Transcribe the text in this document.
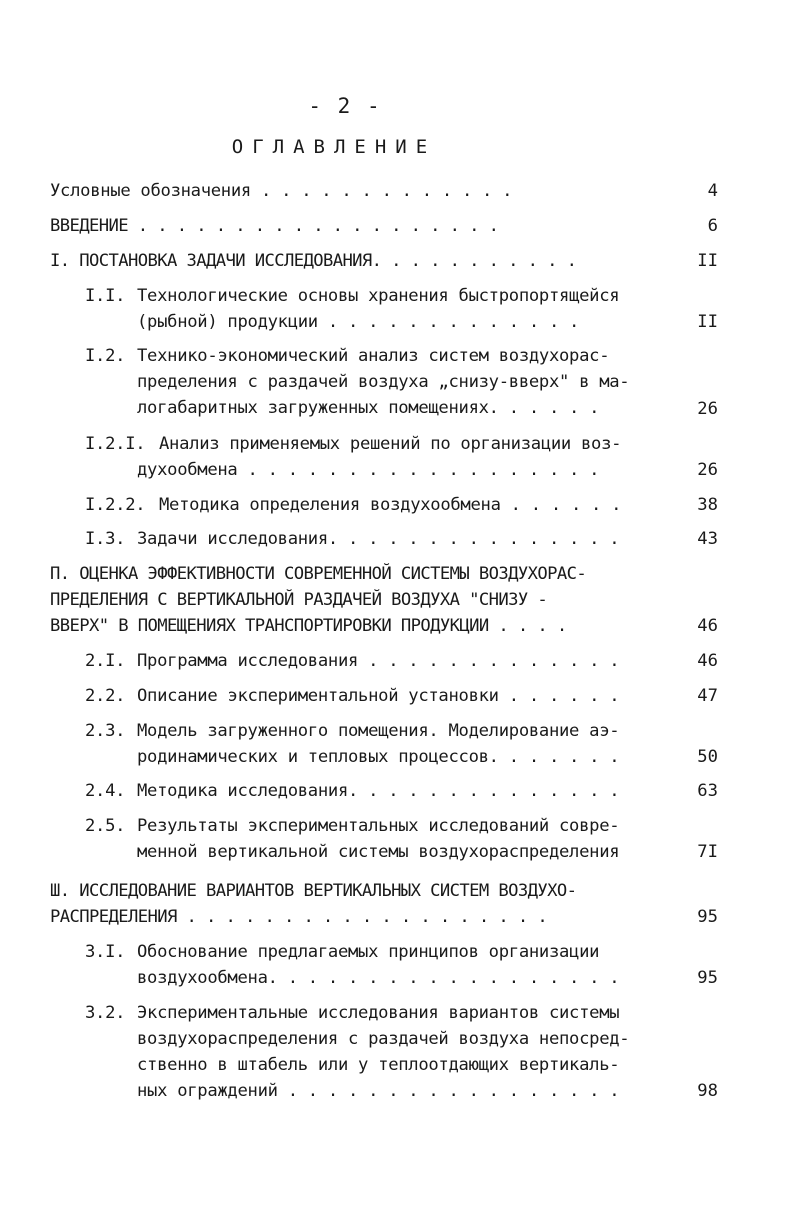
- 2 -
ОГЛАВЛЕНИЕ
Условные обозначения . . . . . . . . . . . . .	4
ВВЕДЕНИЕ . . . . . . . . . . . . . . . . . . .	6
I. ПОСТАНОВКА ЗАДАЧИ ИССЛЕДОВАНИЯ. . . . . . . . . . .	II
I.I. Технологические основы хранения быстропортящейся
(рыбной) продукции . . . . . . . . . . . . .	II
I.2. Технико-экономический анализ систем воздухорас-
пределения с раздачей воздуха „снизу-вверх" в ма-
логабаритных загруженных помещениях. . . . . .	26
I.2.I. Анализ применяемых решений по организации воз-
духообмена . . . . . . . . . . . . . . . . . .	26
I.2.2. Методика определения воздухообмена . . . . . .	38
I.3. Задачи исследования. . . . . . . . . . . . . . .	43
П. ОЦЕНКА ЭФФЕКТИВНОСТИ СОВРЕМЕННОЙ СИСТЕМЫ ВОЗДУХОРАС-
ПРЕДЕЛЕНИЯ С ВЕРТИКАЛЬНОЙ РАЗДАЧЕЙ ВОЗДУХА "СНИЗУ -
ВВЕРХ" В ПОМЕЩЕНИЯХ ТРАНСПОРТИРОВКИ ПРОДУКЦИИ . . . .	46
2.I. Программа исследования . . . . . . . . . . . . .	46
2.2. Описание экспериментальной установки . . . . . .	47
2.3. Модель загруженного помещения. Моделирование аэ-
родинамических и тепловых процессов. . . . . . .	50
2.4. Методика исследования. . . . . . . . . . . . . .	63
2.5. Результаты экспериментальных исследований совре-
менной вертикальной системы воздухораспределения	7I
Ш. ИССЛЕДОВАНИЕ ВАРИАНТОВ ВЕРТИКАЛЬНЫХ СИСТЕМ ВОЗДУХО-
РАСПРЕДЕЛЕНИЯ . . . . . . . . . . . . . . . . . . .	95
3.I. Обоснование предлагаемых принципов организации
воздухообмена. . . . . . . . . . . . . . . . . .	95
3.2. Экспериментальные исследования вариантов системы
воздухораспределения с раздачей воздуха непосред-
ственно в штабель или у теплоотдающих вертикаль-
ных ограждений . . . . . . . . . . . . . . . . .	98
